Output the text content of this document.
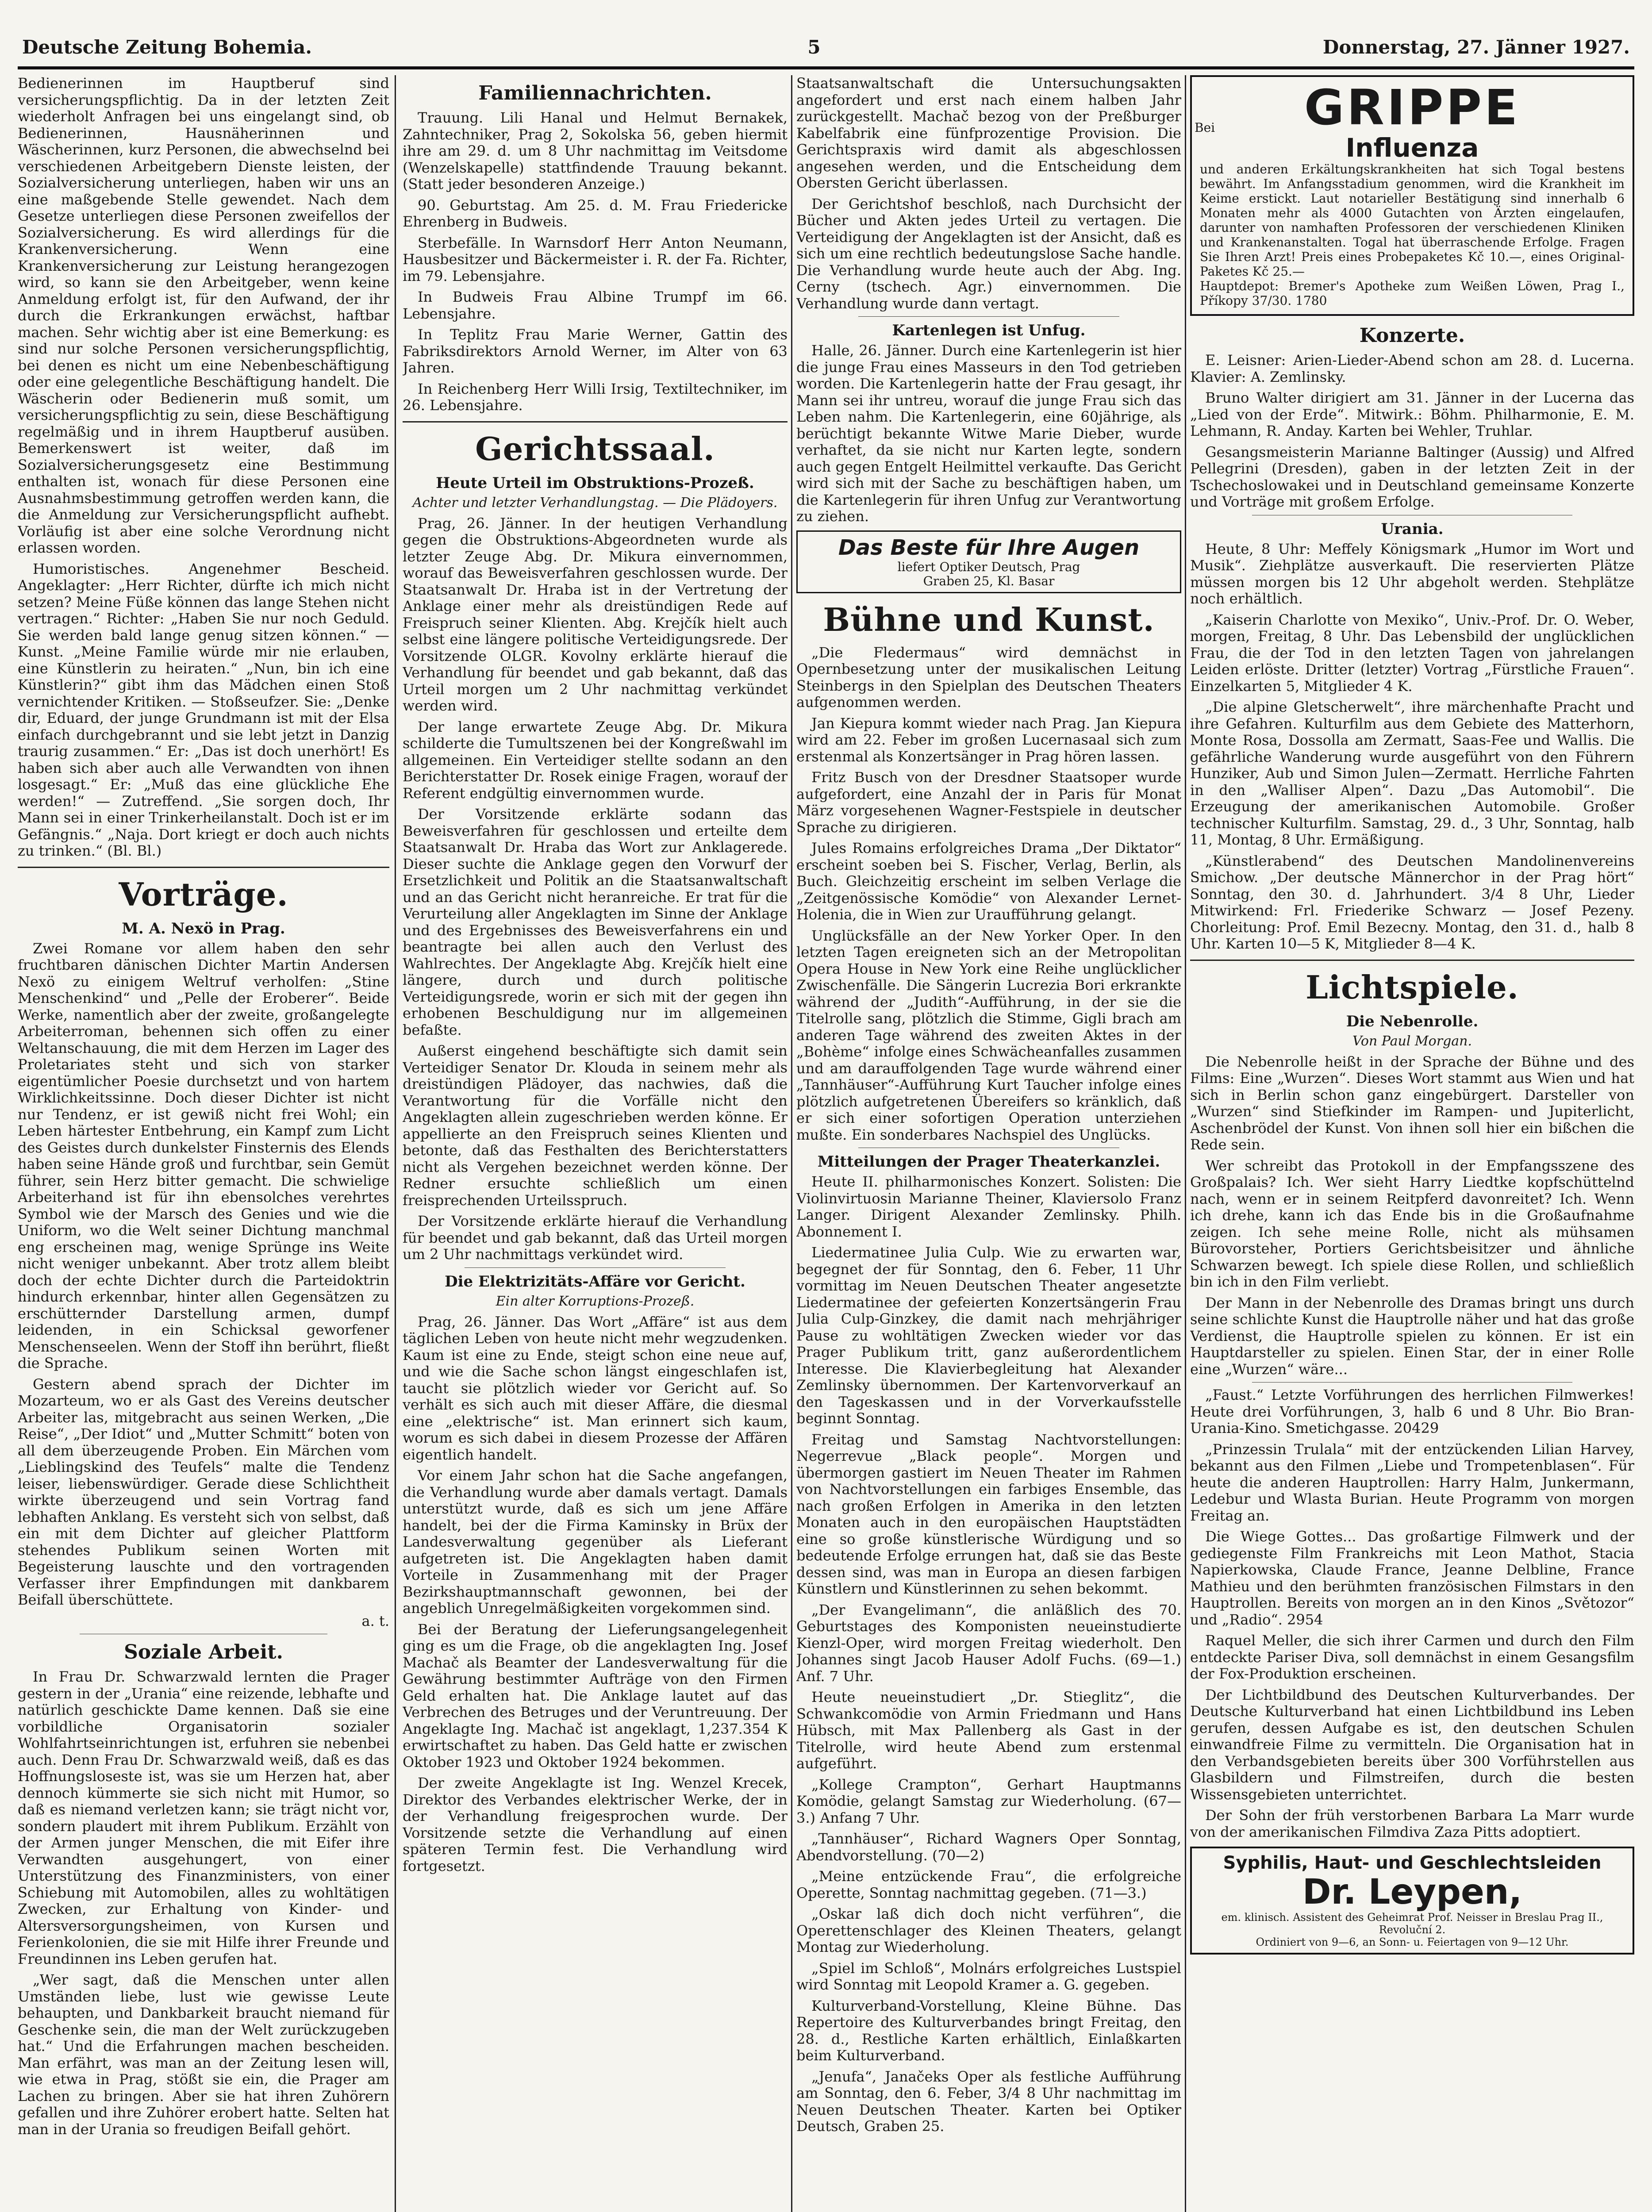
Deutsche Zeitung Bohemia.	5	Donnerstag, 27. Jänner 1927.

Bedienerinnen im Hauptberuf sind versicherungspflichtig. Da in der letzten Zeit wiederholt Anfragen bei uns eingelangt sind, ob Bedienerinnen, Hausnäherinnen und Wäscherinnen, kurz Personen, die abwechselnd bei verschiedenen Arbeitgebern Dienste leisten, der Sozialversicherung unterliegen, haben wir uns an eine maßgebende Stelle gewendet. Nach dem Gesetze unterliegen diese Personen zweifellos der Sozialversicherung. Es wird allerdings für die Krankenversicherung. Wenn eine Krankenversicherung zur Leistung herangezogen wird, so kann sie den Arbeitgeber, wenn keine Anmeldung erfolgt ist, für den Aufwand, der ihr durch die Erkrankungen erwächst, haftbar machen. Sehr wichtig aber ist eine Bemerkung: es sind nur solche Personen versicherungspflichtig, bei denen es nicht um eine Nebenbeschäftigung oder eine gelegentliche Beschäftigung handelt. Die Wäscherin oder Bedienerin muß somit, um versicherungspflichtig zu sein, diese Beschäftigung regelmäßig und in ihrem Hauptberuf ausüben. Bemerkenswert ist weiter, daß im Sozialversicherungsgesetz eine Bestimmung enthalten ist, wonach für diese Personen eine Ausnahmsbestimmung getroffen werden kann, die die Anmeldung zur Versicherungspflicht aufhebt. Vorläufig ist aber eine solche Verordnung nicht erlassen worden.

Humoristisches. Angenehmer Bescheid. Angeklagter: „Herr Richter, dürfte ich mich nicht setzen? Meine Füße können das lange Stehen nicht vertragen.“ Richter: „Haben Sie nur noch Geduld. Sie werden bald lange genug sitzen können.“ — Kunst. „Meine Familie würde mir nie erlauben, eine Künstlerin zu heiraten.“ „Nun, bin ich eine Künstlerin?“ gibt ihm das Mädchen einen Stoß vernichtender Kritiken. — Stoßseufzer. Sie: „Denke dir, Eduard, der junge Grundmann ist mit der Elsa einfach durchgebrannt und sie lebt jetzt in Danzig traurig zusammen.“ Er: „Das ist doch unerhört! Es haben sich aber auch alle Verwandten von ihnen losgesagt.“ Er: „Muß das eine glückliche Ehe werden!“ — Zutreffend. „Sie sorgen doch, Ihr Mann sei in einer Trinkerheilanstalt. Doch ist er im Gefängnis.“ „Naja. Dort kriegt er doch auch nichts zu trinken.“ (Bl. Bl.)

Vorträge.
M. A. Nexö in Prag.

Zwei Romane vor allem haben den sehr fruchtbaren dänischen Dichter Martin Andersen Nexö zu einigem Weltruf verholfen: „Stine Menschenkind“ und „Pelle der Eroberer“. Beide Werke, namentlich aber der zweite, großangelegte Arbeiterroman, behennen sich offen zu einer Weltanschauung, die mit dem Herzen im Lager des Proletariates steht und sich von starker eigentümlicher Poesie durchsetzt und von hartem Wirklichkeitssinne. Doch dieser Dichter ist nicht nur Tendenz, er ist gewiß nicht frei Wohl; ein Leben härtester Entbehrung, ein Kampf zum Licht des Geistes durch dunkelster Finsternis des Elends haben seine Hände groß und furchtbar, sein Gemüt führer, sein Herz bitter gemacht. Die schwielige Arbeiterhand ist für ihn ebensolches verehrtes Symbol wie der Marsch des Genies und wie die Uniform, wo die Welt seiner Dichtung manchmal eng erscheinen mag, wenige Sprünge ins Weite nicht weniger unbekannt. Aber trotz allem bleibt doch der echte Dichter durch die Parteidoktrin hindurch erkennbar, hinter allen Gegensätzen zu erschütternder Darstellung armen, dumpf leidenden, in ein Schicksal geworfener Menschenseelen. Wenn der Stoff ihn berührt, fließt die Sprache.

Gestern abend sprach der Dichter im Mozarteum, wo er als Gast des Vereins deutscher Arbeiter las, mitgebracht aus seinen Werken, „Die Reise“, „Der Idiot“ und „Mutter Schmitt“ boten von all dem überzeugende Proben. Ein Märchen vom „Lieblingskind des Teufels“ malte die Tendenz leiser, liebenswürdiger. Gerade diese Schlichtheit wirkte überzeugend und sein Vortrag fand lebhaften Anklang. Es versteht sich von selbst, daß ein mit dem Dichter auf gleicher Plattform stehendes Publikum seinen Worten mit Begeisterung lauschte und den vortragenden Verfasser ihrer Empfindungen mit dankbarem Beifall überschüttete.

a. t.
Soziale Arbeit.

In Frau Dr. Schwarzwald lernten die Prager gestern in der „Urania“ eine reizende, lebhafte und natürlich geschickte Dame kennen. Daß sie eine vorbildliche Organisatorin sozialer Wohlfahrtseinrichtungen ist, erfuhren sie nebenbei auch. Denn Frau Dr. Schwarzwald weiß, daß es das Hoffnungsloseste ist, was sie um Herzen hat, aber dennoch kümmerte sie sich nicht mit Humor, so daß es niemand verletzen kann; sie trägt nicht vor, sondern plaudert mit ihrem Publikum. Erzählt von der Armen junger Menschen, die mit Eifer ihre Verwandten ausgehungert, von einer Unterstützung des Finanzministers, von einer Schiebung mit Automobilen, alles zu wohltätigen Zwecken, zur Erhaltung von Kinder- und Altersversorgungsheimen, von Kursen und Ferienkolonien, die sie mit Hilfe ihrer Freunde und Freundinnen ins Leben gerufen hat.

„Wer sagt, daß die Menschen unter allen Umständen liebe, lust wie gewisse Leute behaupten, und Dankbarkeit braucht niemand für Geschenke sein, die man der Welt zurückzugeben hat.“ Und die Erfahrungen machen bescheiden. Man erfährt, was man an der Zeitung lesen will, wie etwa in Prag, stößt sie ein, die Prager am Lachen zu bringen. Aber sie hat ihren Zuhörern gefallen und ihre Zuhörer erobert hatte. Selten hat man in der Urania so freudigen Beifall gehört.

Familiennachrichten.

Trauung. Lili Hanal und Helmut Bernakek, Zahntechniker, Prag 2, Sokolska 56, geben hiermit ihre am 29. d. um 8 Uhr nachmittag im Veitsdome (Wenzelskapelle) stattfindende Trauung bekannt. (Statt jeder besonderen Anzeige.)

90. Geburtstag. Am 25. d. M. Frau Friedericke Ehrenberg in Budweis.

Sterbefälle. In Warnsdorf Herr Anton Neumann, Hausbesitzer und Bäckermeister i. R. der Fa. Richter, im 79. Lebensjahre.

In Budweis Frau Albine Trumpf im 66. Lebensjahre.

In Teplitz Frau Marie Werner, Gattin des Fabriksdirektors Arnold Werner, im Alter von 63 Jahren.

In Reichenberg Herr Willi Irsig, Textiltechniker, im 26. Lebensjahre.

Gerichtssaal.
Heute Urteil im Obstruktions-Prozeß.
Achter und letzter Verhandlungstag. — Die Plädoyers.

Prag, 26. Jänner. In der heutigen Verhandlung gegen die Obstruktions-Abgeordneten wurde als letzter Zeuge Abg. Dr. Mikura einvernommen, worauf das Beweisverfahren geschlossen wurde. Der Staatsanwalt Dr. Hraba ist in der Vertretung der Anklage einer mehr als dreistündigen Rede auf Freispruch seiner Klienten. Abg. Krejčík hielt auch selbst eine längere politische Verteidigungsrede. Der Vorsitzende OLGR. Kovolny erklärte hierauf die Verhandlung für beendet und gab bekannt, daß das Urteil morgen um 2 Uhr nachmittag verkündet werden wird.

Der lange erwartete Zeuge Abg. Dr. Mikura schilderte die Tumultszenen bei der Kongreßwahl im allgemeinen. Ein Verteidiger stellte sodann an den Berichterstatter Dr. Rosek einige Fragen, worauf der Referent endgültig einvernommen wurde.

Der Vorsitzende erklärte sodann das Beweisverfahren für geschlossen und erteilte dem Staatsanwalt Dr. Hraba das Wort zur Anklagerede. Dieser suchte die Anklage gegen den Vorwurf der Ersetzlichkeit und Politik an die Staatsanwaltschaft und an das Gericht nicht heranreiche. Er trat für die Verurteilung aller Angeklagten im Sinne der Anklage und des Ergebnisses des Beweisverfahrens ein und beantragte bei allen auch den Verlust des Wahlrechtes. Der Angeklagte Abg. Krejčík hielt eine längere, durch und durch politische Verteidigungsrede, worin er sich mit der gegen ihn erhobenen Beschuldigung nur im allgemeinen befaßte.

Außerst eingehend beschäftigte sich damit sein Verteidiger Senator Dr. Klouda in seinem mehr als dreistündigen Plädoyer, das nachwies, daß die Verantwortung für die Vorfälle nicht den Angeklagten allein zugeschrieben werden könne. Er appellierte an den Freispruch seines Klienten und betonte, daß das Festhalten des Berichterstatters nicht als Vergehen bezeichnet werden könne. Der Redner ersuchte schließlich um einen freisprechenden Urteilsspruch.

Der Vorsitzende erklärte hierauf die Verhandlung für beendet und gab bekannt, daß das Urteil morgen um 2 Uhr nachmittags verkündet wird.

Die Elektrizitäts-Affäre vor Gericht.
Ein alter Korruptions-Prozeß.

Prag, 26. Jänner. Das Wort „Affäre“ ist aus dem täglichen Leben von heute nicht mehr wegzudenken. Kaum ist eine zu Ende, steigt schon eine neue auf, und wie die Sache schon längst eingeschlafen ist, taucht sie plötzlich wieder vor Gericht auf. So verhält es sich auch mit dieser Affäre, die diesmal eine „elektrische“ ist. Man erinnert sich kaum, worum es sich dabei in diesem Prozesse der Affären eigentlich handelt.

Vor einem Jahr schon hat die Sache angefangen, die Verhandlung wurde aber damals vertagt. Damals unterstützt wurde, daß es sich um jene Affäre handelt, bei der die Firma Kaminsky in Brüx der Landesverwaltung gegenüber als Lieferant aufgetreten ist. Die Angeklagten haben damit Vorteile in Zusammenhang mit der Prager Bezirkshauptmannschaft gewonnen, bei der angeblich Unregelmäßigkeiten vorgekommen sind.

Bei der Beratung der Lieferungsangelegenheit ging es um die Frage, ob die angeklagten Ing. Josef Machač als Beamter der Landesverwaltung für die Gewährung bestimmter Aufträge von den Firmen Geld erhalten hat. Die Anklage lautet auf das Verbrechen des Betruges und der Veruntreuung. Der Angeklagte Ing. Machač ist angeklagt, 1,237.354 K erwirtschaftet zu haben. Das Geld hatte er zwischen Oktober 1923 und Oktober 1924 bekommen.

Der zweite Angeklagte ist Ing. Wenzel Krecek, Direktor des Verbandes elektrischer Werke, der in der Verhandlung freigesprochen wurde. Der Vorsitzende setzte die Verhandlung auf einen späteren Termin fest. Die Verhandlung wird fortgesetzt.

Staatsanwaltschaft die Untersuchungsakten angefordert und erst nach einem halben Jahr zurückgestellt. Machač bezog von der Preßburger Kabelfabrik eine fünfprozentige Provision. Die Gerichtspraxis wird damit als abgeschlossen angesehen werden, und die Entscheidung dem Obersten Gericht überlassen.

Der Gerichtshof beschloß, nach Durchsicht der Bücher und Akten jedes Urteil zu vertagen. Die Verteidigung der Angeklagten ist der Ansicht, daß es sich um eine rechtlich bedeutungslose Sache handle. Die Verhandlung wurde heute auch der Abg. Ing. Cerny (tschech. Agr.) einvernommen. Die Verhandlung wurde dann vertagt.

Kartenlegen ist Unfug.

Halle, 26. Jänner. Durch eine Kartenlegerin ist hier die junge Frau eines Masseurs in den Tod getrieben worden. Die Kartenlegerin hatte der Frau gesagt, ihr Mann sei ihr untreu, worauf die junge Frau sich das Leben nahm. Die Kartenlegerin, eine 60jährige, als berüchtigt bekannte Witwe Marie Dieber, wurde verhaftet, da sie nicht nur Karten legte, sondern auch gegen Entgelt Heilmittel verkaufte. Das Gericht wird sich mit der Sache zu beschäftigen haben, um die Kartenlegerin für ihren Unfug zur Verantwortung zu ziehen.

Das Beste für Ihre Augen
liefert Optiker Deutsch, Prag
Graben 25, Kl. Basar
Bühne und Kunst.

„Die Fledermaus“ wird demnächst in Opernbesetzung unter der musikalischen Leitung Steinbergs in den Spielplan des Deutschen Theaters aufgenommen werden.

Jan Kiepura kommt wieder nach Prag. Jan Kiepura wird am 22. Feber im großen Lucernasaal sich zum erstenmal als Konzertsänger in Prag hören lassen.

Fritz Busch von der Dresdner Staatsoper wurde aufgefordert, eine Anzahl der in Paris für Monat März vorgesehenen Wagner-Festspiele in deutscher Sprache zu dirigieren.

Jules Romains erfolgreiches Drama „Der Diktator“ erscheint soeben bei S. Fischer, Verlag, Berlin, als Buch. Gleichzeitig erscheint im selben Verlage die „Zeitgenössische Komödie“ von Alexander Lernet-Holenia, die in Wien zur Uraufführung gelangt.

Unglücksfälle an der New Yorker Oper. In den letzten Tagen ereigneten sich an der Metropolitan Opera House in New York eine Reihe unglücklicher Zwischenfälle. Die Sängerin Lucrezia Bori erkrankte während der „Judith“-Aufführung, in der sie die Titelrolle sang, plötzlich die Stimme, Gigli brach am anderen Tage während des zweiten Aktes in der „Bohème“ infolge eines Schwächeanfalles zusammen und am darauffolgenden Tage wurde während einer „Tannhäuser“-Aufführung Kurt Taucher infolge eines plötzlich aufgetretenen Übereifers so kränklich, daß er sich einer sofortigen Operation unterziehen mußte. Ein sonderbares Nachspiel des Unglücks.

Mitteilungen der Prager Theaterkanzlei.

Heute II. philharmonisches Konzert. Solisten: Die Violinvirtuosin Marianne Theiner, Klaviersolo Franz Langer. Dirigent Alexander Zemlinsky. Philh. Abonnement I.

Liedermatinee Julia Culp. Wie zu erwarten war, begegnet der für Sonntag, den 6. Feber, 11 Uhr vormittag im Neuen Deutschen Theater angesetzte Liedermatinee der gefeierten Konzertsängerin Frau Julia Culp-Ginzkey, die damit nach mehrjähriger Pause zu wohltätigen Zwecken wieder vor das Prager Publikum tritt, ganz außerordentlichem Interesse. Die Klavierbegleitung hat Alexander Zemlinsky übernommen. Der Kartenvorverkauf an den Tageskassen und in der Vorverkaufsstelle beginnt Sonntag.

Freitag und Samstag Nachtvorstellungen: Negerrevue „Black people“. Morgen und übermorgen gastiert im Neuen Theater im Rahmen von Nachtvorstellungen ein farbiges Ensemble, das nach großen Erfolgen in Amerika in den letzten Monaten auch in den europäischen Hauptstädten eine so große künstlerische Würdigung und so bedeutende Erfolge errungen hat, daß sie das Beste dessen sind, was man in Europa an diesen farbigen Künstlern und Künstlerinnen zu sehen bekommt.

„Der Evangelimann“, die anläßlich des 70. Geburtstages des Komponisten neueinstudierte Kienzl-Oper, wird morgen Freitag wiederholt. Den Johannes singt Jacob Hauser Adolf Fuchs. (69—1.) Anf. 7 Uhr.

Heute neueinstudiert „Dr. Stieglitz“, die Schwankcomödie von Armin Friedmann und Hans Hübsch, mit Max Pallenberg als Gast in der Titelrolle, wird heute Abend zum erstenmal aufgeführt.

„Kollege Crampton“, Gerhart Hauptmanns Komödie, gelangt Samstag zur Wiederholung. (67—3.) Anfang 7 Uhr.

„Tannhäuser“, Richard Wagners Oper Sonntag, Abendvorstellung. (70—2)

„Meine entzückende Frau“, die erfolgreiche Operette, Sonntag nachmittag gegeben. (71—3.)

„Oskar laß dich doch nicht verführen“, die Operettenschlager des Kleinen Theaters, gelangt Montag zur Wiederholung.

„Spiel im Schloß“, Molnárs erfolgreiches Lustspiel wird Sonntag mit Leopold Kramer a. G. gegeben.

Kulturverband-Vorstellung, Kleine Bühne. Das Repertoire des Kulturverbandes bringt Freitag, den 28. d., Restliche Karten erhältlich, Einlaßkarten beim Kulturverband.

„Jenufa“, Janačeks Oper als festliche Aufführung am Sonntag, den 6. Feber, 3/4 8 Uhr nachmittag im Neuen Deutschen Theater. Karten bei Optiker Deutsch, Graben 25.

Bei	GRIPPE
Influenza
und anderen Erkältungskrankheiten hat sich Togal bestens bewährt. Im Anfangsstadium genommen, wird die Krankheit im Keime erstickt. Laut notarieller Bestätigung sind innerhalb 6 Monaten mehr als 4000 Gutachten von Ärzten eingelaufen, darunter von namhaften Professoren der verschiedenen Kliniken und Krankenanstalten. Togal hat überraschende Erfolge. Fragen Sie Ihren Arzt! Preis eines Probepaketes Kč 10.—, eines Original-Paketes Kč 25.—
Hauptdepot: Bremer's Apotheke zum Weißen Löwen, Prag I., Příkopy 37/30. 1780
Konzerte.

E. Leisner: Arien-Lieder-Abend schon am 28. d. Lucerna. Klavier: A. Zemlinsky.

Bruno Walter dirigiert am 31. Jänner in der Lucerna das „Lied von der Erde“. Mitwirk.: Böhm. Philharmonie, E. M. Lehmann, R. Anday. Karten bei Wehler, Truhlar.

Gesangsmeisterin Marianne Baltinger (Aussig) und Alfred Pellegrini (Dresden), gaben in der letzten Zeit in der Tschechoslowakei und in Deutschland gemeinsame Konzerte und Vorträge mit großem Erfolge.

Urania.

Heute, 8 Uhr: Meffely Königsmark „Humor im Wort und Musik“. Ziehplätze ausverkauft. Die reservierten Plätze müssen morgen bis 12 Uhr abgeholt werden. Stehplätze noch erhältlich.

„Kaiserin Charlotte von Mexiko“, Univ.-Prof. Dr. O. Weber, morgen, Freitag, 8 Uhr. Das Lebensbild der unglücklichen Frau, die der Tod in den letzten Tagen von jahrelangen Leiden erlöste. Dritter (letzter) Vortrag „Fürstliche Frauen“. Einzelkarten 5, Mitglieder 4 K.

„Die alpine Gletscherwelt“, ihre märchenhafte Pracht und ihre Gefahren. Kulturfilm aus dem Gebiete des Matterhorn, Monte Rosa, Dossolla am Zermatt, Saas-Fee und Wallis. Die gefährliche Wanderung wurde ausgeführt von den Führern Hunziker, Aub und Simon Julen—Zermatt. Herrliche Fahrten in den „Walliser Alpen“. Dazu „Das Automobil“. Die Erzeugung der amerikanischen Automobile. Großer technischer Kulturfilm. Samstag, 29. d., 3 Uhr, Sonntag, halb 11, Montag, 8 Uhr. Ermäßigung.

„Künstlerabend“ des Deutschen Mandolinenvereins Smichow. „Der deutsche Männerchor in der Prag hört“ Sonntag, den 30. d. Jahrhundert. 3/4 8 Uhr, Lieder Mitwirkend: Frl. Friederike Schwarz — Josef Pezeny. Chorleitung: Prof. Emil Bezecny. Montag, den 31. d., halb 8 Uhr. Karten 10—5 K, Mitglieder 8—4 K.

Lichtspiele.
Die Nebenrolle.
Von Paul Morgan.

Die Nebenrolle heißt in der Sprache der Bühne und des Films: Eine „Wurzen“. Dieses Wort stammt aus Wien und hat sich in Berlin schon ganz eingebürgert. Darsteller von „Wurzen“ sind Stiefkinder im Rampen- und Jupiterlicht, Aschenbrödel der Kunst. Von ihnen soll hier ein bißchen die Rede sein.

Wer schreibt das Protokoll in der Empfangsszene des Großpalais? Ich. Wer sieht Harry Liedtke kopfschüttelnd nach, wenn er in seinem Reitpferd davonreitet? Ich. Wenn ich drehe, kann ich das Ende bis in die Großaufnahme zeigen. Ich sehe meine Rolle, nicht als mühsamen Bürovorsteher, Portiers Gerichtsbeisitzer und ähnliche Schwarzen bewegt. Ich spiele diese Rollen, und schließlich bin ich in den Film verliebt.

Der Mann in der Nebenrolle des Dramas bringt uns durch seine schlichte Kunst die Hauptrolle näher und hat das große Verdienst, die Hauptrolle spielen zu können. Er ist ein Hauptdarsteller zu spielen. Einen Star, der in einer Rolle eine „Wurzen“ wäre...

„Faust.“ Letzte Vorführungen des herrlichen Filmwerkes! Heute drei Vorführungen, 3, halb 6 und 8 Uhr. Bio Bran-Urania-Kino. Smetichgasse. 20429

„Prinzessin Trulala“ mit der entzückenden Lilian Harvey, bekannt aus den Filmen „Liebe und Trompetenblasen“. Für heute die anderen Hauptrollen: Harry Halm, Junkermann, Ledebur und Wlasta Burian. Heute Programm von morgen Freitag an.

Die Wiege Gottes... Das großartige Filmwerk und der gediegenste Film Frankreichs mit Leon Mathot, Stacia Napierkowska, Claude France, Jeanne Delbline, France Mathieu und den berühmten französischen Filmstars in den Hauptrollen. Bereits von morgen an in den Kinos „Světozor“ und „Radio“. 2954

Raquel Meller, die sich ihrer Carmen und durch den Film entdeckte Pariser Diva, soll demnächst in einem Gesangsfilm der Fox-Produktion erscheinen.

Der Lichtbildbund des Deutschen Kulturverbandes. Der Deutsche Kulturverband hat einen Lichtbildbund ins Leben gerufen, dessen Aufgabe es ist, den deutschen Schulen einwandfreie Filme zu vermitteln. Die Organisation hat in den Verbandsgebieten bereits über 300 Vorführstellen aus Glasbildern und Filmstreifen, durch die besten Wissensgebieten unterrichtet.

Der Sohn der früh verstorbenen Barbara La Marr wurde von der amerikanischen Filmdiva Zaza Pitts adoptiert.

Syphilis, Haut- und Geschlechtsleiden
Dr. Leypen,
em. klinisch. Assistent des Geheimrat Prof. Neisser in Breslau Prag II., Revoluční 2.
Ordiniert von 9—6, an Sonn- u. Feiertagen von 9—12 Uhr.
